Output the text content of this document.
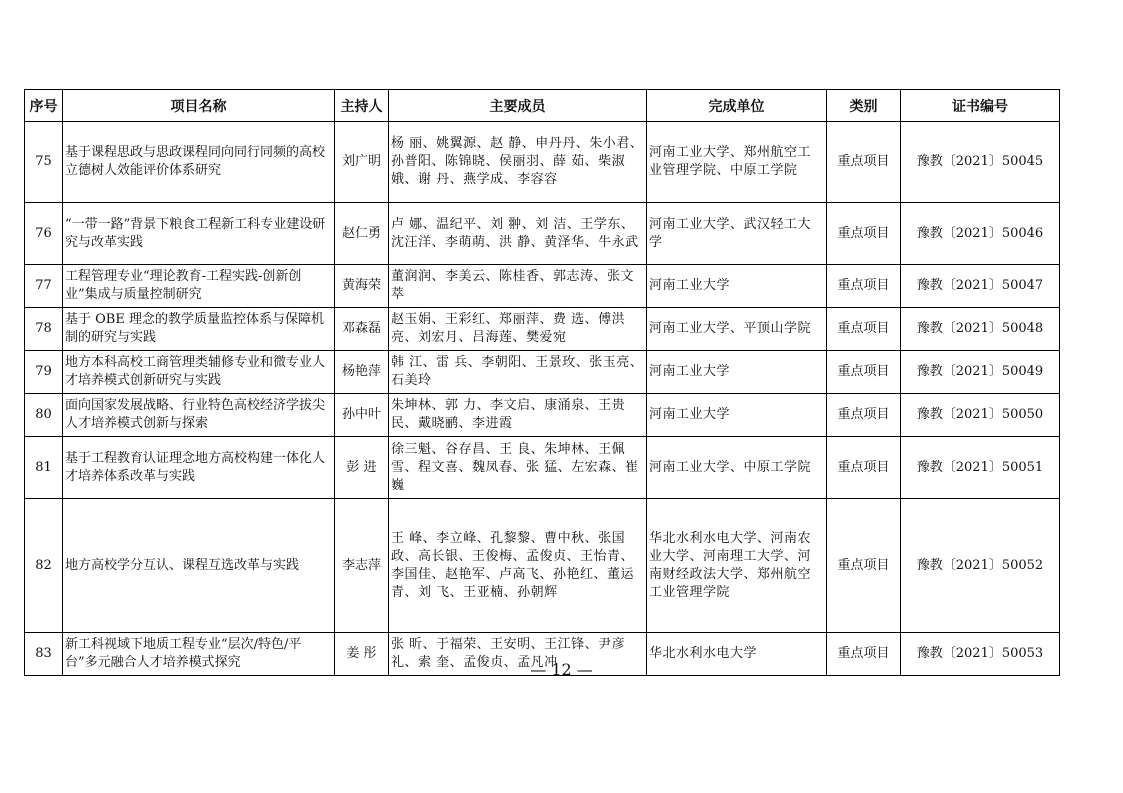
序号	项目名称	主持人	主要成员	完成单位	类别	证书编号
75	基于课程思政与思政课程同向同行同频的高校立德树人效能评价体系研究	刘广明	杨 丽、姚翼源、赵 静、申丹丹、朱小君、孙普阳、陈锦晓、侯丽羽、薛 茹、柴淑娥、谢 丹、燕学成、李容容	河南工业大学、郑州航空工业管理学院、中原工学院	重点项目	豫教〔2021〕50045
76	“一带一路”背景下粮食工程新工科专业建设研究与改革实践	赵仁勇	卢 娜、温纪平、刘 翀、刘 洁、王学东、沈汪洋、李萌萌、洪 静、黄泽华、牛永武	河南工业大学、武汉轻工大学	重点项目	豫教〔2021〕50046
77	工程管理专业“理论教育-工程实践-创新创业”集成与质量控制研究	黄海荣	董润润、李美云、陈桂香、郭志涛、张文萃	河南工业大学	重点项目	豫教〔2021〕50047
78	基于 OBE 理念的教学质量监控体系与保障机制的研究与实践	邓森磊	赵玉娟、王彩红、郑丽萍、费 选、傅洪亮、刘宏月、吕海莲、樊爱宛	河南工业大学、平顶山学院	重点项目	豫教〔2021〕50048
79	地方本科高校工商管理类辅修专业和微专业人才培养模式创新研究与实践	杨艳萍	韩 江、雷 兵、李朝阳、王景玫、张玉亮、石美玲	河南工业大学	重点项目	豫教〔2021〕50049
80	面向国家发展战略、行业特色高校经济学拔尖人才培养模式创新与探索	孙中叶	朱坤林、郭 力、李文启、康涌泉、王贵民、戴晓鹂、李进霞	河南工业大学	重点项目	豫教〔2021〕50050
81	基于工程教育认证理念地方高校构建一体化人才培养体系改革与实践	彭 进	徐三魁、谷存昌、王 良、朱坤林、王佩雪、程文喜、魏凤春、张 猛、左宏森、崔 巍	河南工业大学、中原工学院	重点项目	豫教〔2021〕50051
82	地方高校学分互认、课程互选改革与实践	李志萍	王 峰、李立峰、孔黎黎、曹中秋、张国政、高长银、王俊梅、孟俊贞、王怡青、李国佳、赵艳军、卢高飞、孙艳红、董运青、刘 飞、王亚楠、孙朝辉	华北水利水电大学、河南农业大学、河南理工大学、河南财经政法大学、郑州航空工业管理学院	重点项目	豫教〔2021〕50052
83	新工科视域下地质工程专业“层次/特色/平台”多元融合人才培养模式探究	姜 彤	张 昕、于福荣、王安明、王江锋、尹彦礼、索 奎、孟俊贞、孟凡冲	华北水利水电大学	重点项目	豫教〔2021〕50053
— 12 —
